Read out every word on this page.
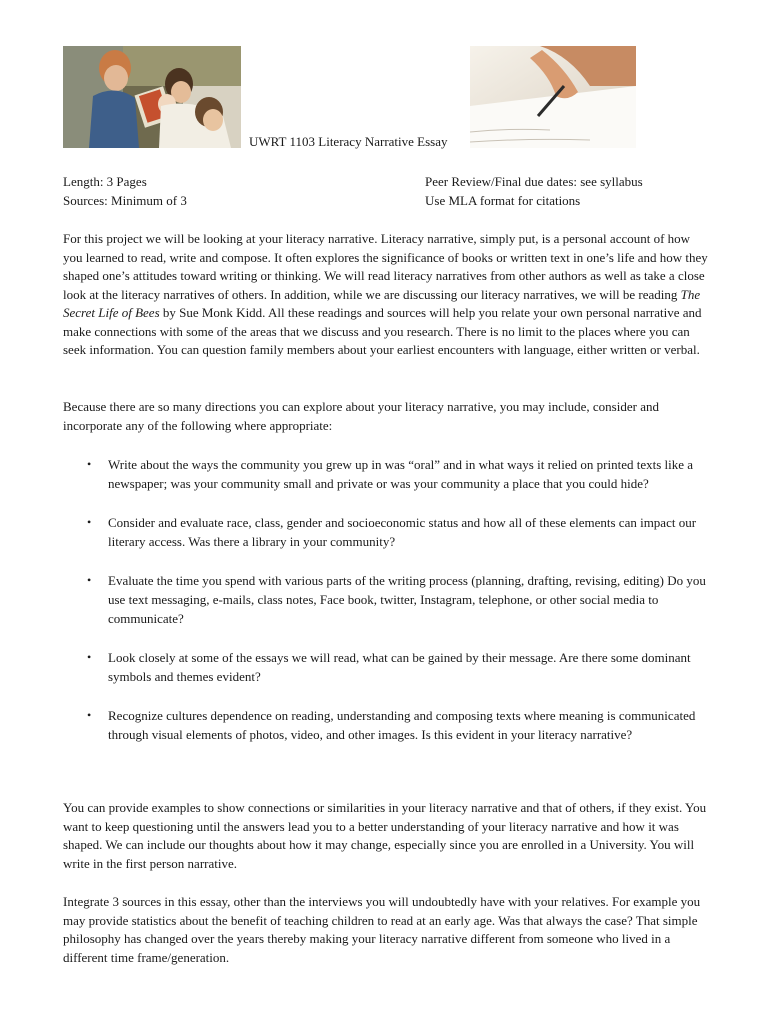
UWRT 1103 Literacy Narrative Essay
Length: 3 Pages
Sources: Minimum of 3
Peer Review/Final due dates: see syllabus
Use MLA format for citations

For this project we will be looking at your literacy narrative. Literacy narrative, simply put, is a personal account of how you learned to read, write and compose. It often explores the significance of books or written text in one’s life and how they shaped one’s attitudes toward writing or thinking. We will read literacy narratives from other authors as well as take a close look at the literacy narratives of others. In addition, while we are discussing our literacy narratives, we will be reading The Secret Life of Bees by Sue Monk Kidd. All these readings and sources will help you relate your own personal narrative and make connections with some of the areas that we discuss and you research. There is no limit to the places where you can seek information. You can question family members about your earliest encounters with language, either written or verbal.

Because there are so many directions you can explore about your literacy narrative, you may include, consider and incorporate any of the following where appropriate:

• Write about the ways the community you grew up in was “oral” and in what ways it relied on printed texts like a newspaper; was your community small and private or was your community a place that you could hide?
• Consider and evaluate race, class, gender and socioeconomic status and how all of these elements can impact our literary access. Was there a library in your community?
• Evaluate the time you spend with various parts of the writing process (planning, drafting, revising, editing) Do you use text messaging, e-mails, class notes, Face book, twitter, Instagram, telephone, or other social media to communicate?
• Look closely at some of the essays we will read, what can be gained by their message. Are there some dominant symbols and themes evident?
• Recognize cultures dependence on reading, understanding and composing texts where meaning is communicated through visual elements of photos, video, and other images. Is this evident in your literacy narrative?

You can provide examples to show connections or similarities in your literacy narrative and that of others, if they exist. You want to keep questioning until the answers lead you to a better understanding of your literacy narrative and how it was shaped. We can include our thoughts about how it may change, especially since you are enrolled in a University. You will write in the first person narrative.

Integrate 3 sources in this essay, other than the interviews you will undoubtedly have with your relatives. For example you may provide statistics about the benefit of teaching children to read at an early age. Was that always the case? That simple philosophy has changed over the years thereby making your literacy narrative different from someone who lived in a different time frame/generation.
